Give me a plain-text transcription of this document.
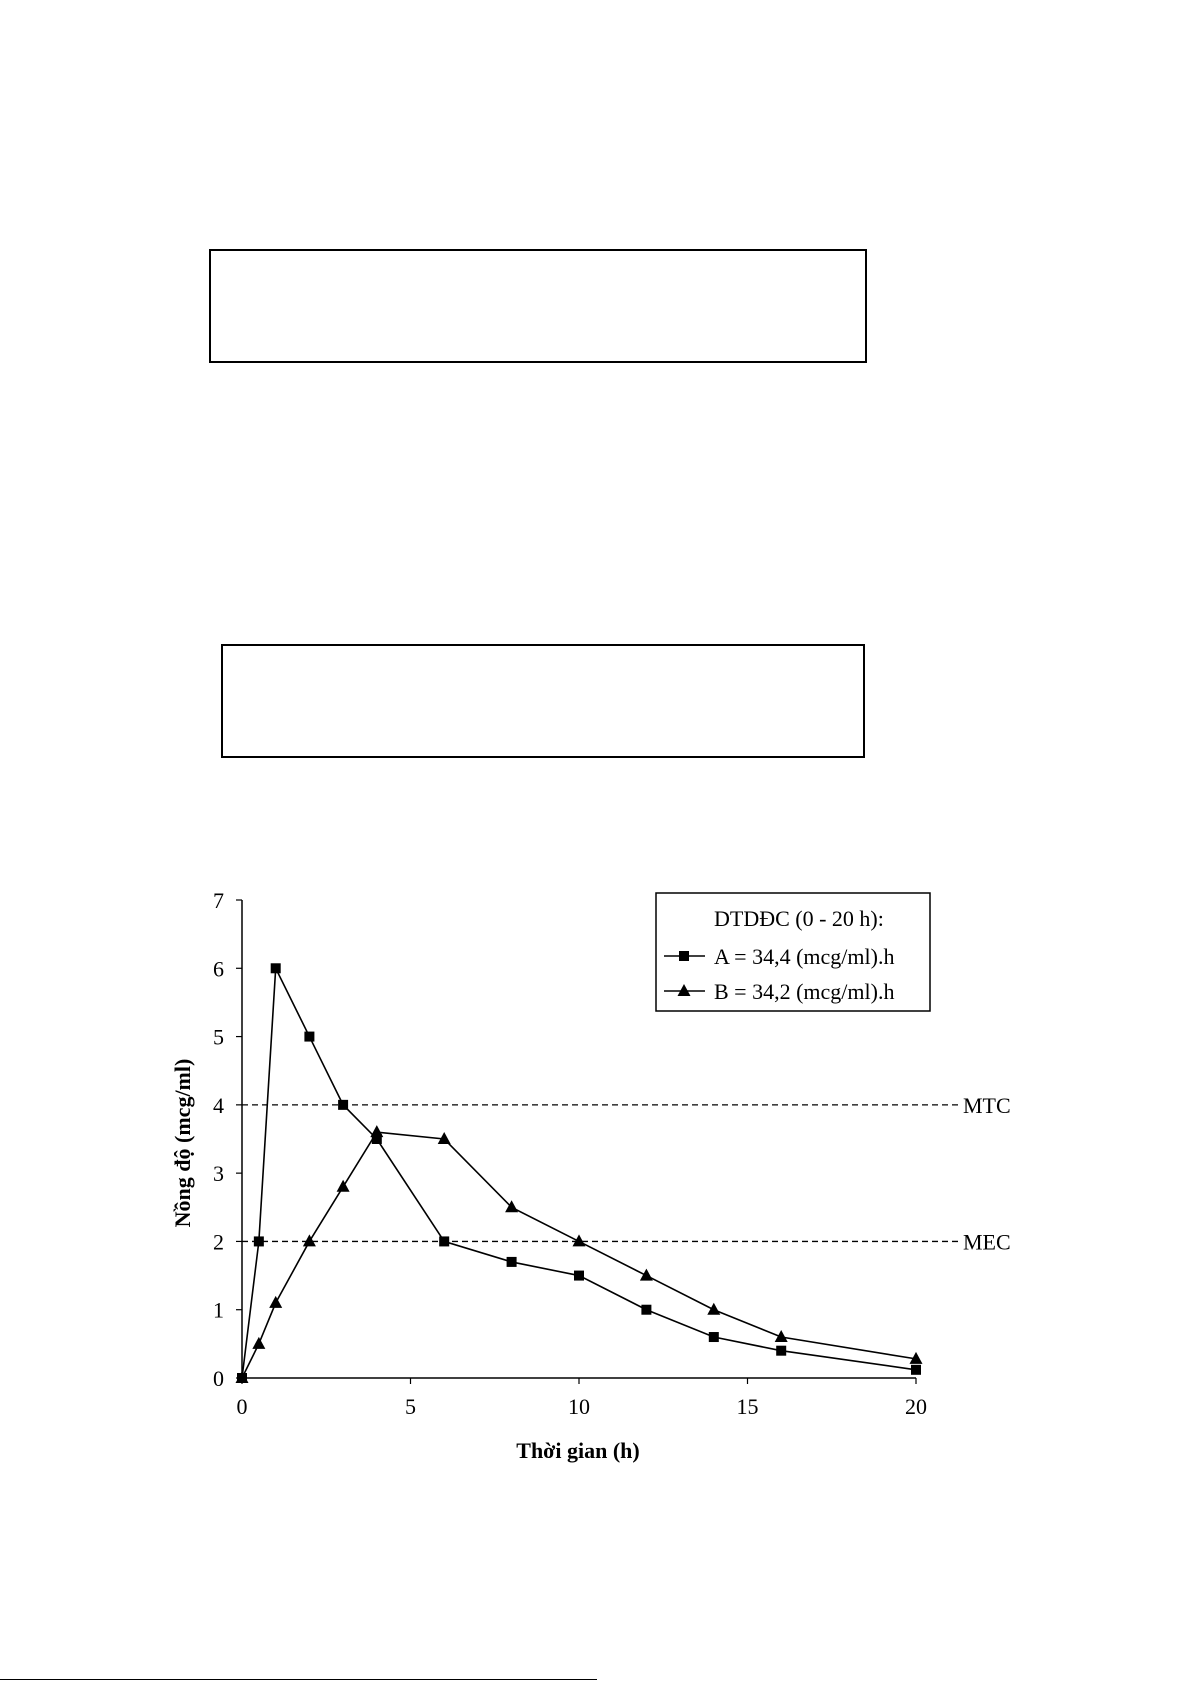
0
1
2
3
4
5
6
7
0	5	10	15	20
MTC
MEC
Nồng độ (mcg/ml)
Thời gian (h)
DTDĐC (0 - 20 h):
A = 34,4 (mcg/ml).h
B = 34,2 (mcg/ml).h
